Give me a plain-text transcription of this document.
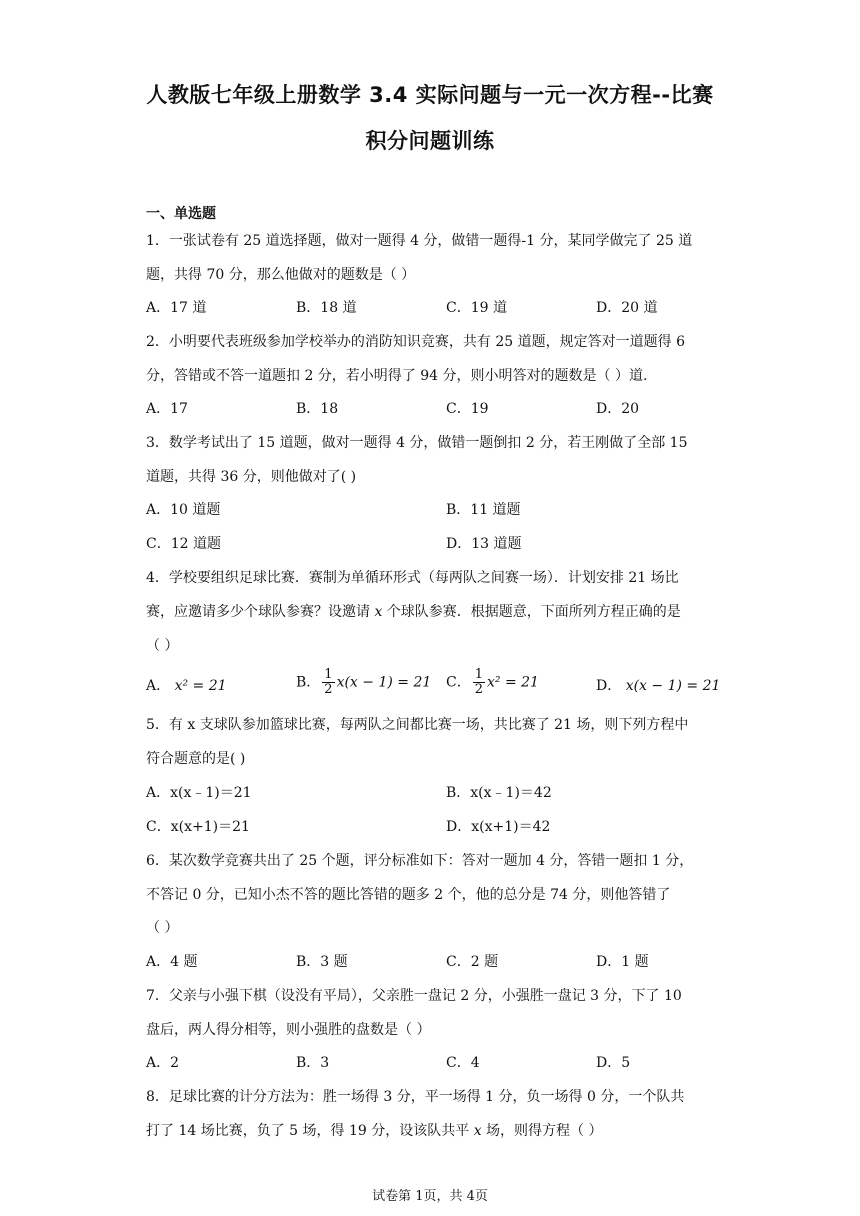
人教版七年级上册数学 3.4 实际问题与一元一次方程--比赛
积分问题训练
一、单选题
1．一张试卷有 25 道选择题，做对一题得 4 分，做错一题得-1 分，某同学做完了 25 道
题，共得 70 分，那么他做对的题数是（ ）
A．17 道	B．18 道	C．19 道	D．20 道
2．小明要代表班级参加学校举办的消防知识竞赛，共有 25 道题，规定答对一道题得 6
分，答错或不答一道题扣 2 分，若小明得了 94 分，则小明答对的题数是（ ）道.
A．17	B．18	C．19	D．20
3．数学考试出了 15 道题，做对一题得 4 分，做错一题倒扣 2 分，若王刚做了全部 15
道题，共得 36 分，则他做对了( )
A．10 道题	B．11 道题
C．12 道题	D．13 道题
4．学校要组织足球比赛．赛制为单循环形式（每两队之间赛一场）．计划安排 21 场比
赛，应邀请多少个球队参赛？设邀请 x 个球队参赛．根据题意，下面所列方程正确的是
（ ）
A． x² = 21	B． $\frac{1}{2} x(x - 1) = 21$ C． $\frac{1}{2} x^2 = 21$	D． x(x − 1) = 21
5．有 x 支球队参加篮球比赛，每两队之间都比赛一场，共比赛了 21 场，则下列方程中
符合题意的是( )
A．x(x﹣1)＝21	B．x(x﹣1)＝42
C．x(x+1)＝21	D．x(x+1)＝42
6．某次数学竞赛共出了 25 个题，评分标准如下：答对一题加 4 分，答错一题扣 1 分，
不答记 0 分，已知小杰不答的题比答错的题多 2 个，他的总分是 74 分，则他答错了
（ ）
A．4 题	B．3 题	C．2 题	D．1 题
7．父亲与小强下棋（设没有平局），父亲胜一盘记 2 分，小强胜一盘记 3 分，下了 10
盘后，两人得分相等，则小强胜的盘数是（ ）
A．2	B．3	C．4	D．5
8．足球比赛的计分方法为：胜一场得 3 分，平一场得 1 分，负一场得 0 分，一个队共
打了 14 场比赛，负了 5 场，得 19 分，设该队共平 x 场，则得方程（ ）
试卷第 1页，共 4页
